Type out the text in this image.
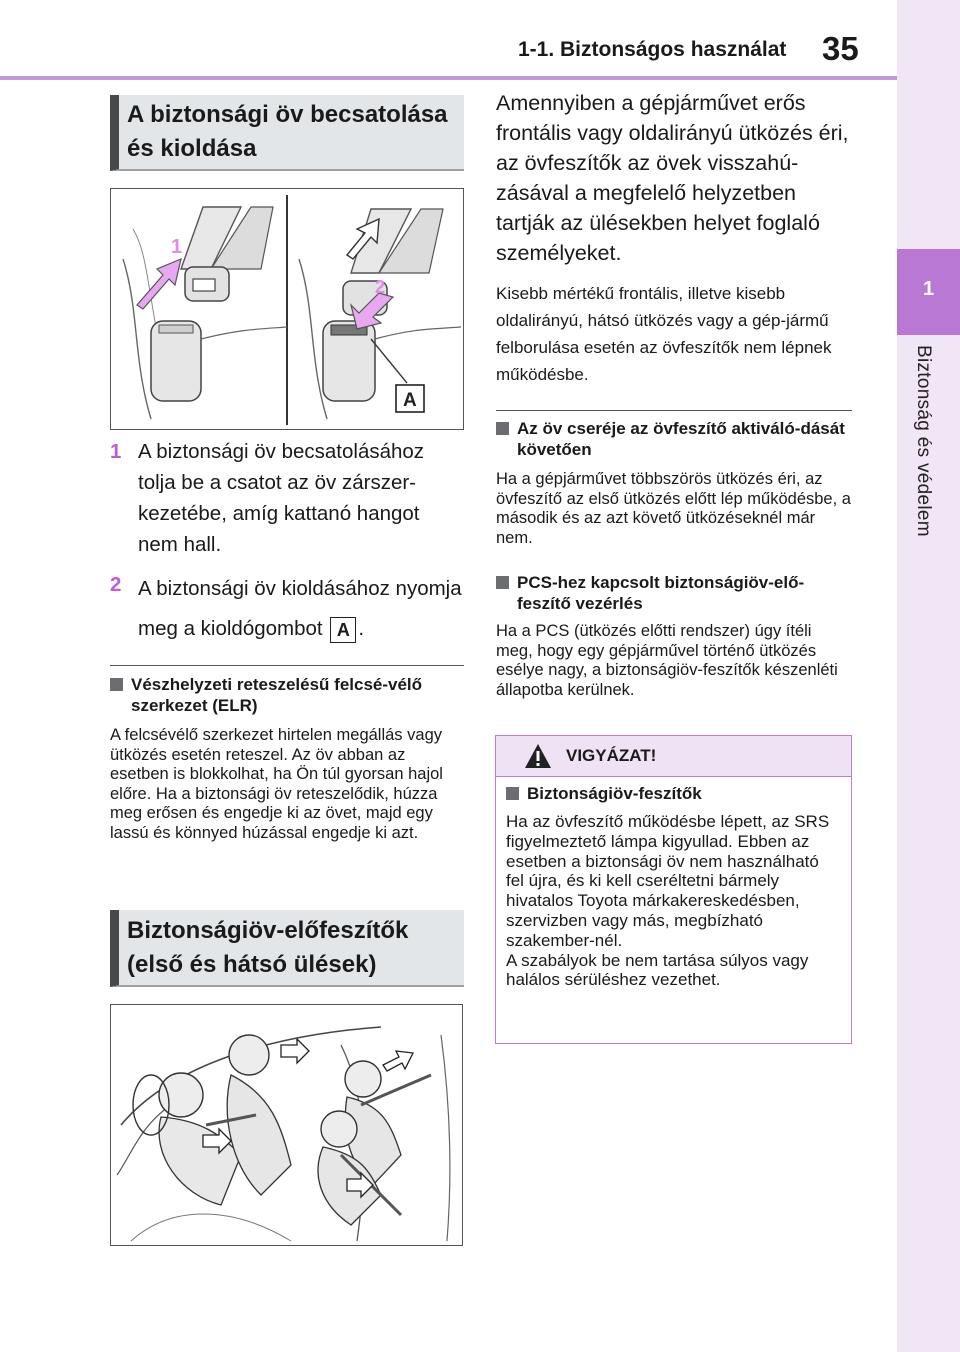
1-1. Biztonságos használat 35
1
Biztonság és védelem
A biztonsági öv becsatolása és kioldása
1
2
A
1 A biztonsági öv becsatolásához tolja be a csatot az öv zárszer-kezetébe, amíg kattanó hangot nem hall.
2 A biztonsági öv kioldásához nyomja meg a kioldógombot A .
Vészhelyzeti reteszelésű felcsé-vélő szerkezet (ELR)
A felcsévélő szerkezet hirtelen megállás vagy ütközés esetén reteszel. Az öv abban az esetben is blokkolhat, ha Ön túl gyorsan hajol előre. Ha a biztonsági öv reteszelődik, húzza meg erősen és engedje ki az övet, majd egy lassú és könnyed húzással engedje ki azt.
Biztonságiöv-előfeszítők (első és hátsó ülések)
Amennyiben a gépjárművet erős frontális vagy oldalirányú ütközés éri, az övfeszítők az övek visszahú-zásával a megfelelő helyzetben tartják az ülésekben helyet foglaló személyeket.
Kisebb mértékű frontális, illetve kisebb oldalirányú, hátsó ütközés vagy a gép-jármű felborulása esetén az övfeszítők nem lépnek működésbe.
Az öv cseréje az övfeszítő aktiváló-dását követően
Ha a gépjárművet többszörös ütközés éri, az övfeszítő az első ütközés előtt lép működésbe, a második és az azt követő ütközéseknél már nem.
PCS-hez kapcsolt biztonságiöv-elő-feszítő vezérlés
Ha a PCS (ütközés előtti rendszer) úgy ítéli meg, hogy egy gépjárművel történő ütközés esélye nagy, a biztonságiöv-feszítők készenléti állapotba kerülnek.
VIGYÁZAT!
Biztonságiöv-feszítők
Ha az övfeszítő működésbe lépett, az SRS figyelmeztető lámpa kigyullad. Ebben az esetben a biztonsági öv nem használható fel újra, és ki kell cseréltetni bármely hivatalos Toyota márkakereskedésben, szervizben vagy más, megbízható szakember-nél.
A szabályok be nem tartása súlyos vagy halálos sérüléshez vezethet.
